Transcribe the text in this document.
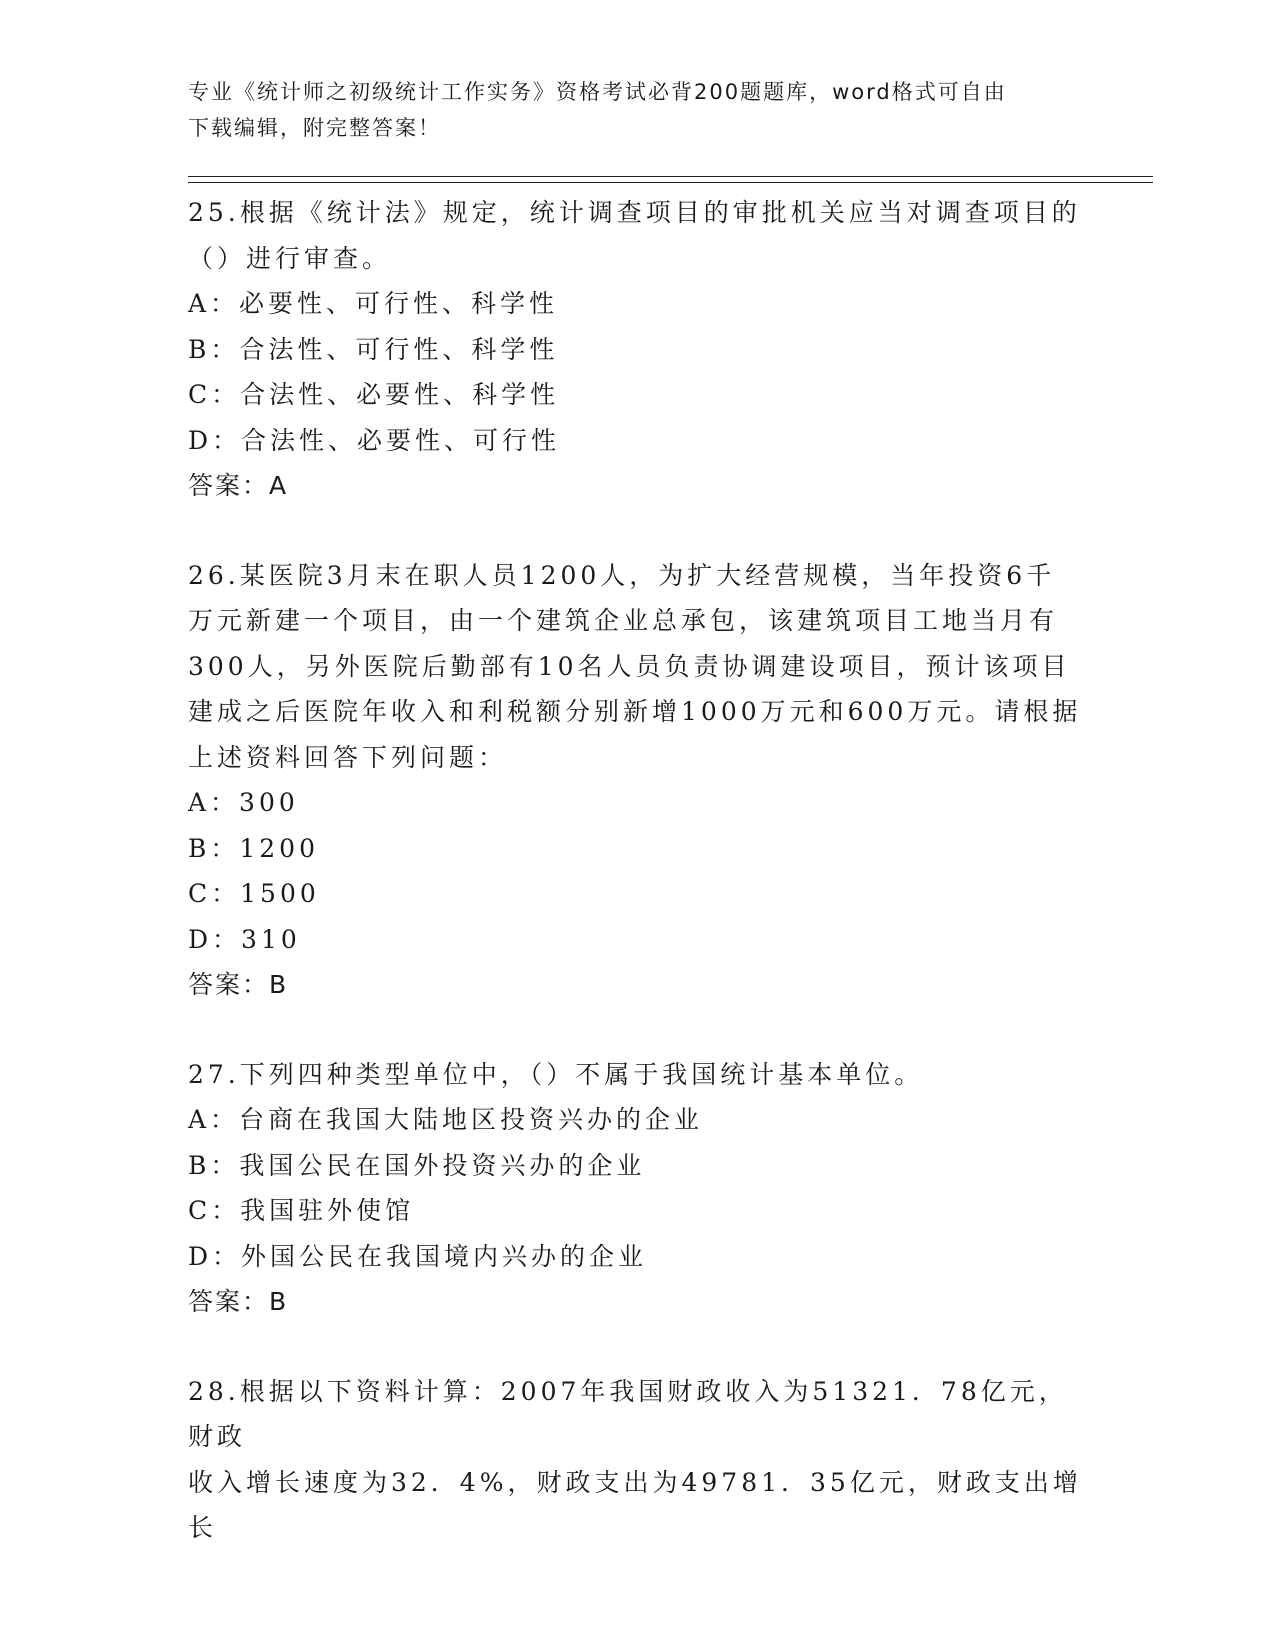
专业《统计师之初级统计工作实务》资格考试必背200题题库，word格式可自由
下载编辑，附完整答案！
25.根据《统计法》规定，统计调查项目的审批机关应当对调查项目的
（）进行审查。
A：必要性、可行性、科学性
B：合法性、可行性、科学性
C：合法性、必要性、科学性
D：合法性、必要性、可行性
答案：A
26.某医院3月末在职人员1200人，为扩大经营规模，当年投资6千
万元新建一个项目，由一个建筑企业总承包，该建筑项目工地当月有
300人，另外医院后勤部有10名人员负责协调建设项目，预计该项目
建成之后医院年收入和利税额分别新增1000万元和600万元。请根据
上述资料回答下列问题：
A：300
B：1200
C：1500
D：310
答案：B
27.下列四种类型单位中，（）不属于我国统计基本单位。
A：台商在我国大陆地区投资兴办的企业
B：我国公民在国外投资兴办的企业
C：我国驻外使馆
D：外国公民在我国境内兴办的企业
答案：B
28.根据以下资料计算：2007年我国财政收入为51321．78亿元，财政
收入增长速度为32．4%，财政支出为49781．35亿元，财政支出增长
